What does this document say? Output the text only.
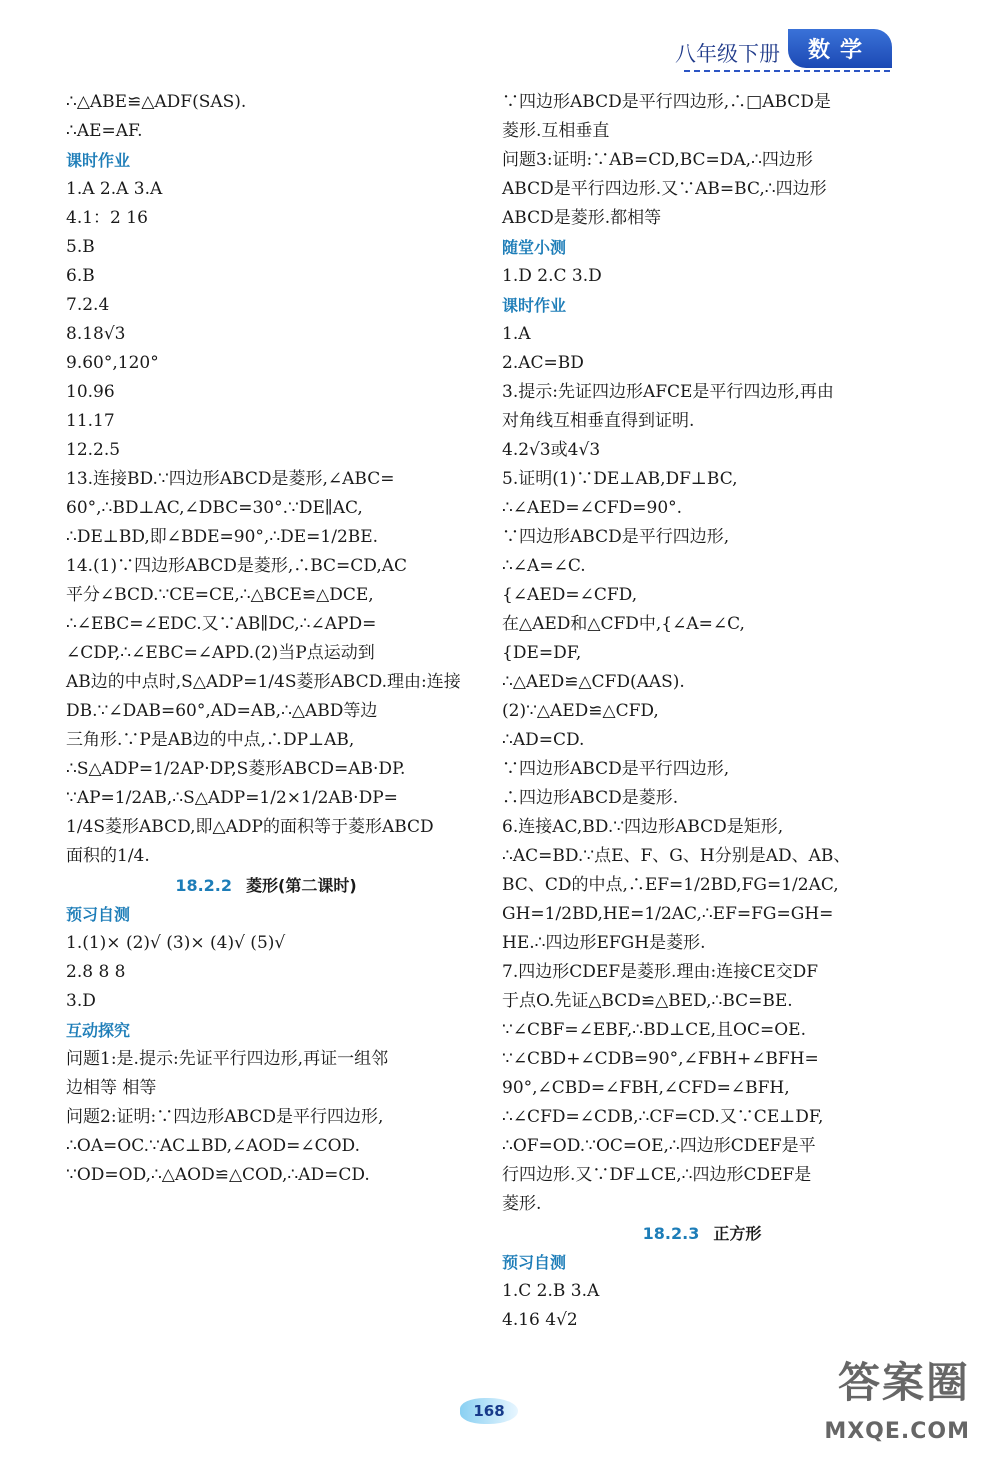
八年级下册	数学
∴△ABE≌△ADF(SAS).
∴AE=AF.
课时作业
1.A 2.A 3.A
4.1：2 16
5.B
6.B
7.2.4
8.18√3
9.60°,120°
10.96
11.17
12.2.5
13.连接BD.∵四边形ABCD是菱形,∠ABC=
60°,∴BD⊥AC,∠DBC=30°.∵DE∥AC,
∴DE⊥BD,即∠BDE=90°,∴DE=1/2BE.
14.(1)∵四边形ABCD是菱形,∴BC=CD,AC
平分∠BCD.∵CE=CE,∴△BCE≌△DCE,
∴∠EBC=∠EDC.又∵AB∥DC,∴∠APD=
∠CDP,∴∠EBC=∠APD.(2)当P点运动到
AB边的中点时,S△ADP=1/4S菱形ABCD.理由:连接
DB.∵∠DAB=60°,AD=AB,∴△ABD等边
三角形.∵P是AB边的中点,∴DP⊥AB,
∴S△ADP=1/2AP·DP,S菱形ABCD=AB·DP.
∵AP=1/2AB,∴S△ADP=1/2×1/2AB·DP=
1/4S菱形ABCD,即△ADP的面积等于菱形ABCD
面积的1/4.
18.2.2 菱形(第二课时)
预习自测
1.(1)× (2)√ (3)× (4)√ (5)√
2.8 8 8
3.D
互动探究
问题1:是.提示:先证平行四边形,再证一组邻
边相等 相等
问题2:证明:∵四边形ABCD是平行四边形,
∴OA=OC.∵AC⊥BD,∠AOD=∠COD.
∵OD=OD,∴△AOD≌△COD,∴AD=CD.
∵四边形ABCD是平行四边形,∴□ABCD是
菱形.互相垂直
问题3:证明:∵AB=CD,BC=DA,∴四边形
ABCD是平行四边形.又∵AB=BC,∴四边形
ABCD是菱形.都相等
随堂小测
1.D 2.C 3.D
课时作业
1.A
2.AC=BD
3.提示:先证四边形AFCE是平行四边形,再由
对角线互相垂直得到证明.
4.2√3或4√3
5.证明(1)∵DE⊥AB,DF⊥BC,
∴∠AED=∠CFD=90°.
∵四边形ABCD是平行四边形,
∴∠A=∠C.
{∠AED=∠CFD,
在△AED和△CFD中,{∠A=∠C,
{DE=DF,
∴△AED≌△CFD(AAS).
(2)∵△AED≌△CFD,
∴AD=CD.
∵四边形ABCD是平行四边形,
∴四边形ABCD是菱形.
6.连接AC,BD.∵四边形ABCD是矩形,
∴AC=BD.∵点E、F、G、H分别是AD、AB、
BC、CD的中点,∴EF=1/2BD,FG=1/2AC,
GH=1/2BD,HE=1/2AC,∴EF=FG=GH=
HE.∴四边形EFGH是菱形.
7.四边形CDEF是菱形.理由:连接CE交DF
于点O.先证△BCD≌△BED,∴BC=BE.
∵∠CBF=∠EBF,∴BD⊥CE,且OC=OE.
∵∠CBD+∠CDB=90°,∠FBH+∠BFH=
90°,∠CBD=∠FBH,∠CFD=∠BFH,
∴∠CFD=∠CDB,∴CF=CD.又∵CE⊥DF,
∴OF=OD.∵OC=OE,∴四边形CDEF是平
行四边形.又∵DF⊥CE,∴四边形CDEF是
菱形.
18.2.3 正方形
预习自测
1.C 2.B 3.A
4.16 4√2
168
答案圈
MXQE.COM
